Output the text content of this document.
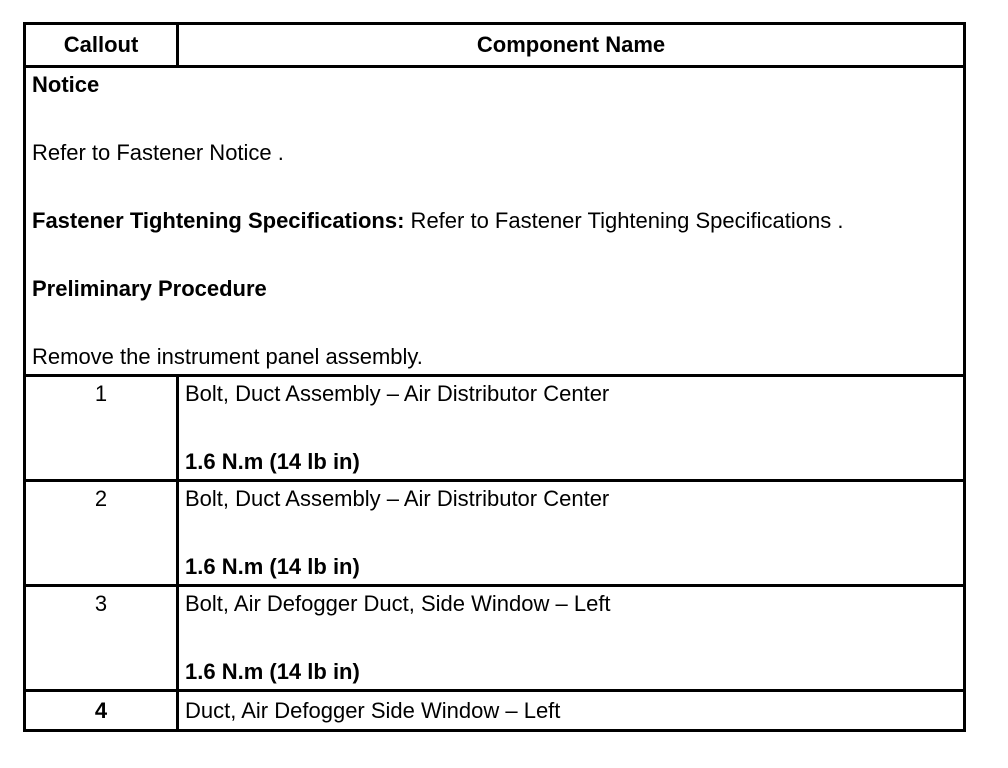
Callout	Component Name

Notice
Refer to Fastener Notice .
Fastener Tightening Specifications: Refer to Fastener Tightening Specifications .
Preliminary Procedure
Remove the instrument panel assembly.	

1	Bolt, Duct Assembly – Air Distributor Center
1.6 N.m (14 lb in)

2	Bolt, Duct Assembly – Air Distributor Center
1.6 N.m (14 lb in)

3	Bolt, Air Defogger Duct, Side Window – Left
1.6 N.m (14 lb in)

4	Duct, Air Defogger Side Window – Left
